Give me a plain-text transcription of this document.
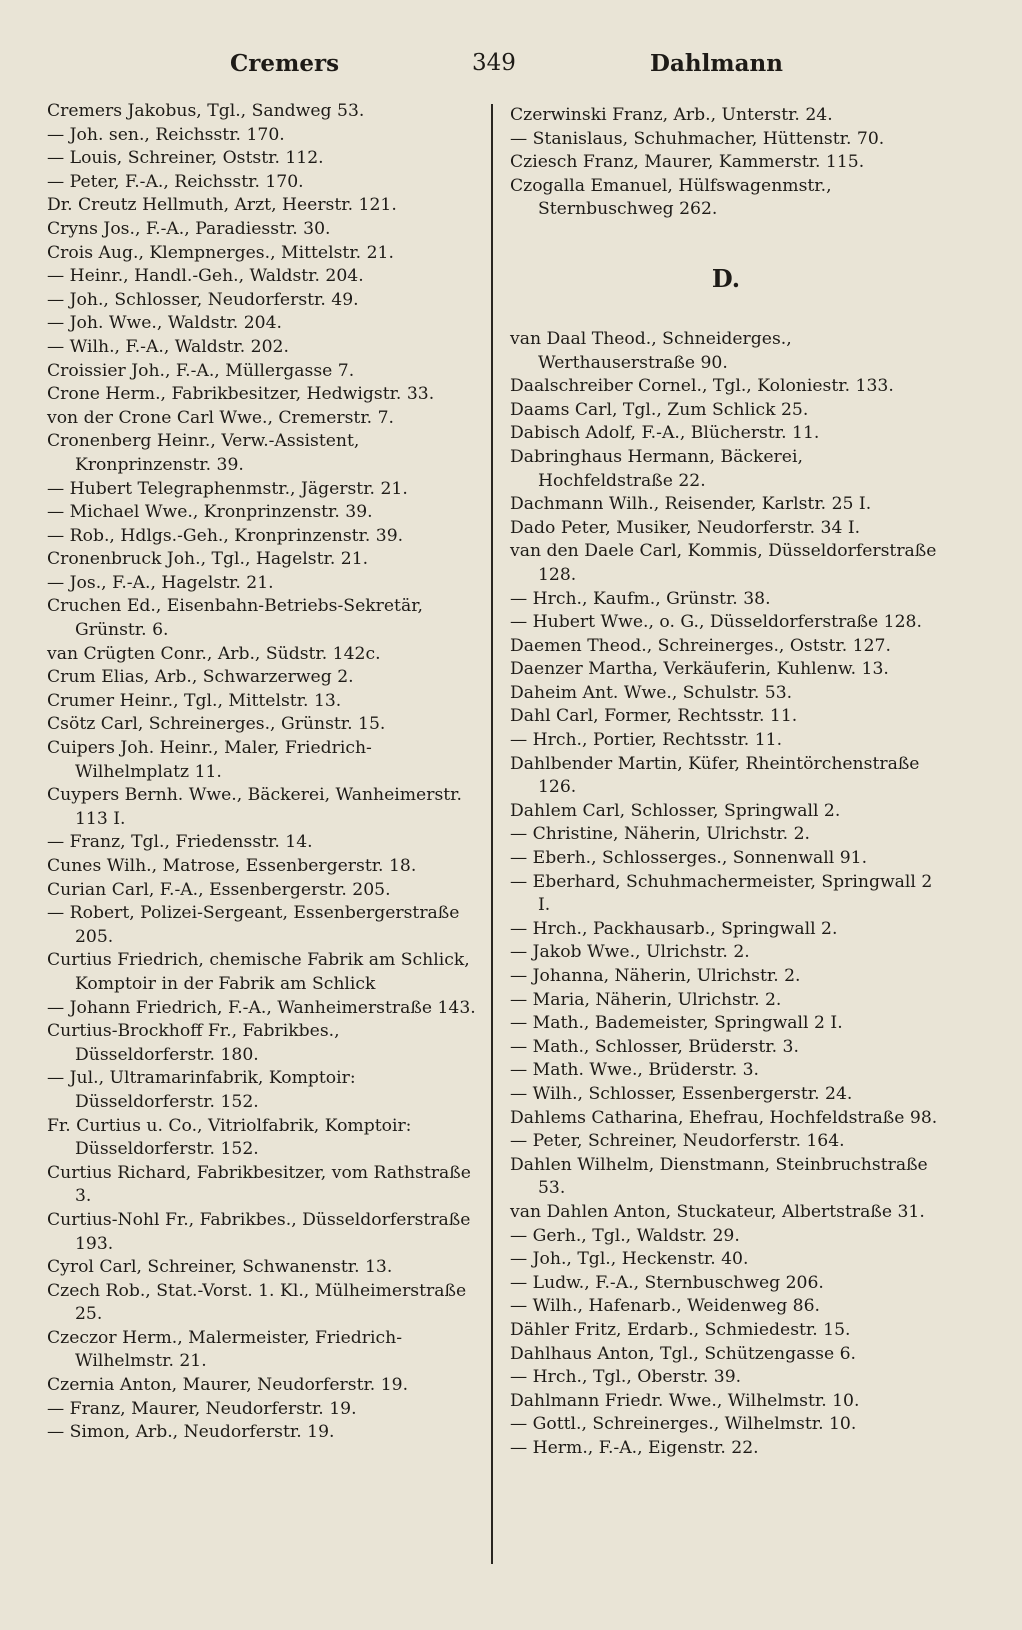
Cremers	349	Dahlmann

Cremers Jakobus, Tgl., Sandweg 53.

— Joh. sen., Reichsstr. 170.

— Louis, Schreiner, Oststr. 112.

— Peter, F.-A., Reichsstr. 170.

Dr. Creutz Hellmuth, Arzt, Heerstr. 121.

Cryns Jos., F.-A., Paradiesstr. 30.

Crois Aug., Klempnerges., Mittelstr. 21.

— Heinr., Handl.-Geh., Waldstr. 204.

— Joh., Schlosser, Neudorferstr. 49.

— Joh. Wwe., Waldstr. 204.

— Wilh., F.-A., Waldstr. 202.

Croissier Joh., F.-A., Müllergasse 7.

Crone Herm., Fabrikbesitzer, Hedwigstr. 33.

von der Crone Carl Wwe., Cremerstr. 7.

Cronenberg Heinr., Verw.-Assistent, Kronprinzenstr. 39.

— Hubert Telegraphenmstr., Jägerstr. 21.

— Michael Wwe., Kronprinzenstr. 39.

— Rob., Hdlgs.-Geh., Kronprinzenstr. 39.

Cronenbruck Joh., Tgl., Hagelstr. 21.

— Jos., F.-A., Hagelstr. 21.

Cruchen Ed., Eisenbahn-Betriebs-Sekretär, Grünstr. 6.

van Crügten Conr., Arb., Südstr. 142c.

Crum Elias, Arb., Schwarzerweg 2.

Crumer Heinr., Tgl., Mittelstr. 13.

Csötz Carl, Schreinerges., Grünstr. 15.

Cuipers Joh. Heinr., Maler, Friedrich-Wilhelmplatz 11.

Cuypers Bernh. Wwe., Bäckerei, Wanheimerstr. 113 I.

— Franz, Tgl., Friedensstr. 14.

Cunes Wilh., Matrose, Essenbergerstr. 18.

Curian Carl, F.-A., Essenbergerstr. 205.

— Robert, Polizei-Sergeant, Essenbergerstraße 205.

Curtius Friedrich, chemische Fabrik am Schlick, Komptoir in der Fabrik am Schlick

— Johann Friedrich, F.-A., Wanheimerstraße 143.

Curtius-Brockhoff Fr., Fabrikbes., Düsseldorferstr. 180.

— Jul., Ultramarinfabrik, Komptoir: Düsseldorferstr. 152.

Fr. Curtius u. Co., Vitriolfabrik, Komptoir: Düsseldorferstr. 152.

Curtius Richard, Fabrikbesitzer, vom Rathstraße 3.

Curtius-Nohl Fr., Fabrikbes., Düsseldorferstraße 193.

Cyrol Carl, Schreiner, Schwanenstr. 13.

Czech Rob., Stat.-Vorst. 1. Kl., Mülheimerstraße 25.

Czeczor Herm., Malermeister, Friedrich-Wilhelmstr. 21.

Czernia Anton, Maurer, Neudorferstr. 19.

— Franz, Maurer, Neudorferstr. 19.

— Simon, Arb., Neudorferstr. 19.

Czerwinski Franz, Arb., Unterstr. 24.

— Stanislaus, Schuhmacher, Hüttenstr. 70.

Cziesch Franz, Maurer, Kammerstr. 115.

Czogalla Emanuel, Hülfswagenmstr., Sternbuschweg 262.

D.

van Daal Theod., Schneiderges., Werthauserstraße 90.

Daalschreiber Cornel., Tgl., Koloniestr. 133.

Daams Carl, Tgl., Zum Schlick 25.

Dabisch Adolf, F.-A., Blücherstr. 11.

Dabringhaus Hermann, Bäckerei, Hochfeldstraße 22.

Dachmann Wilh., Reisender, Karlstr. 25 I.

Dado Peter, Musiker, Neudorferstr. 34 I.

van den Daele Carl, Kommis, Düsseldorferstraße 128.

— Hrch., Kaufm., Grünstr. 38.

— Hubert Wwe., o. G., Düsseldorferstraße 128.

Daemen Theod., Schreinerges., Oststr. 127.

Daenzer Martha, Verkäuferin, Kuhlenw. 13.

Daheim Ant. Wwe., Schulstr. 53.

Dahl Carl, Former, Rechtsstr. 11.

— Hrch., Portier, Rechtsstr. 11.

Dahlbender Martin, Küfer, Rheintörchenstraße 126.

Dahlem Carl, Schlosser, Springwall 2.

— Christine, Näherin, Ulrichstr. 2.

— Eberh., Schlosserges., Sonnenwall 91.

— Eberhard, Schuhmachermeister, Springwall 2 I.

— Hrch., Packhausarb., Springwall 2.

— Jakob Wwe., Ulrichstr. 2.

— Johanna, Näherin, Ulrichstr. 2.

— Maria, Näherin, Ulrichstr. 2.

— Math., Bademeister, Springwall 2 I.

— Math., Schlosser, Brüderstr. 3.

— Math. Wwe., Brüderstr. 3.

— Wilh., Schlosser, Essenbergerstr. 24.

Dahlems Catharina, Ehefrau, Hochfeldstraße 98.

— Peter, Schreiner, Neudorferstr. 164.

Dahlen Wilhelm, Dienstmann, Steinbruchstraße 53.

van Dahlen Anton, Stuckateur, Albertstraße 31.

— Gerh., Tgl., Waldstr. 29.

— Joh., Tgl., Heckenstr. 40.

— Ludw., F.-A., Sternbuschweg 206.

— Wilh., Hafenarb., Weidenweg 86.

Dähler Fritz, Erdarb., Schmiedestr. 15.

Dahlhaus Anton, Tgl., Schützengasse 6.

— Hrch., Tgl., Oberstr. 39.

Dahlmann Friedr. Wwe., Wilhelmstr. 10.

— Gottl., Schreinerges., Wilhelmstr. 10.

— Herm., F.-A., Eigenstr. 22.
